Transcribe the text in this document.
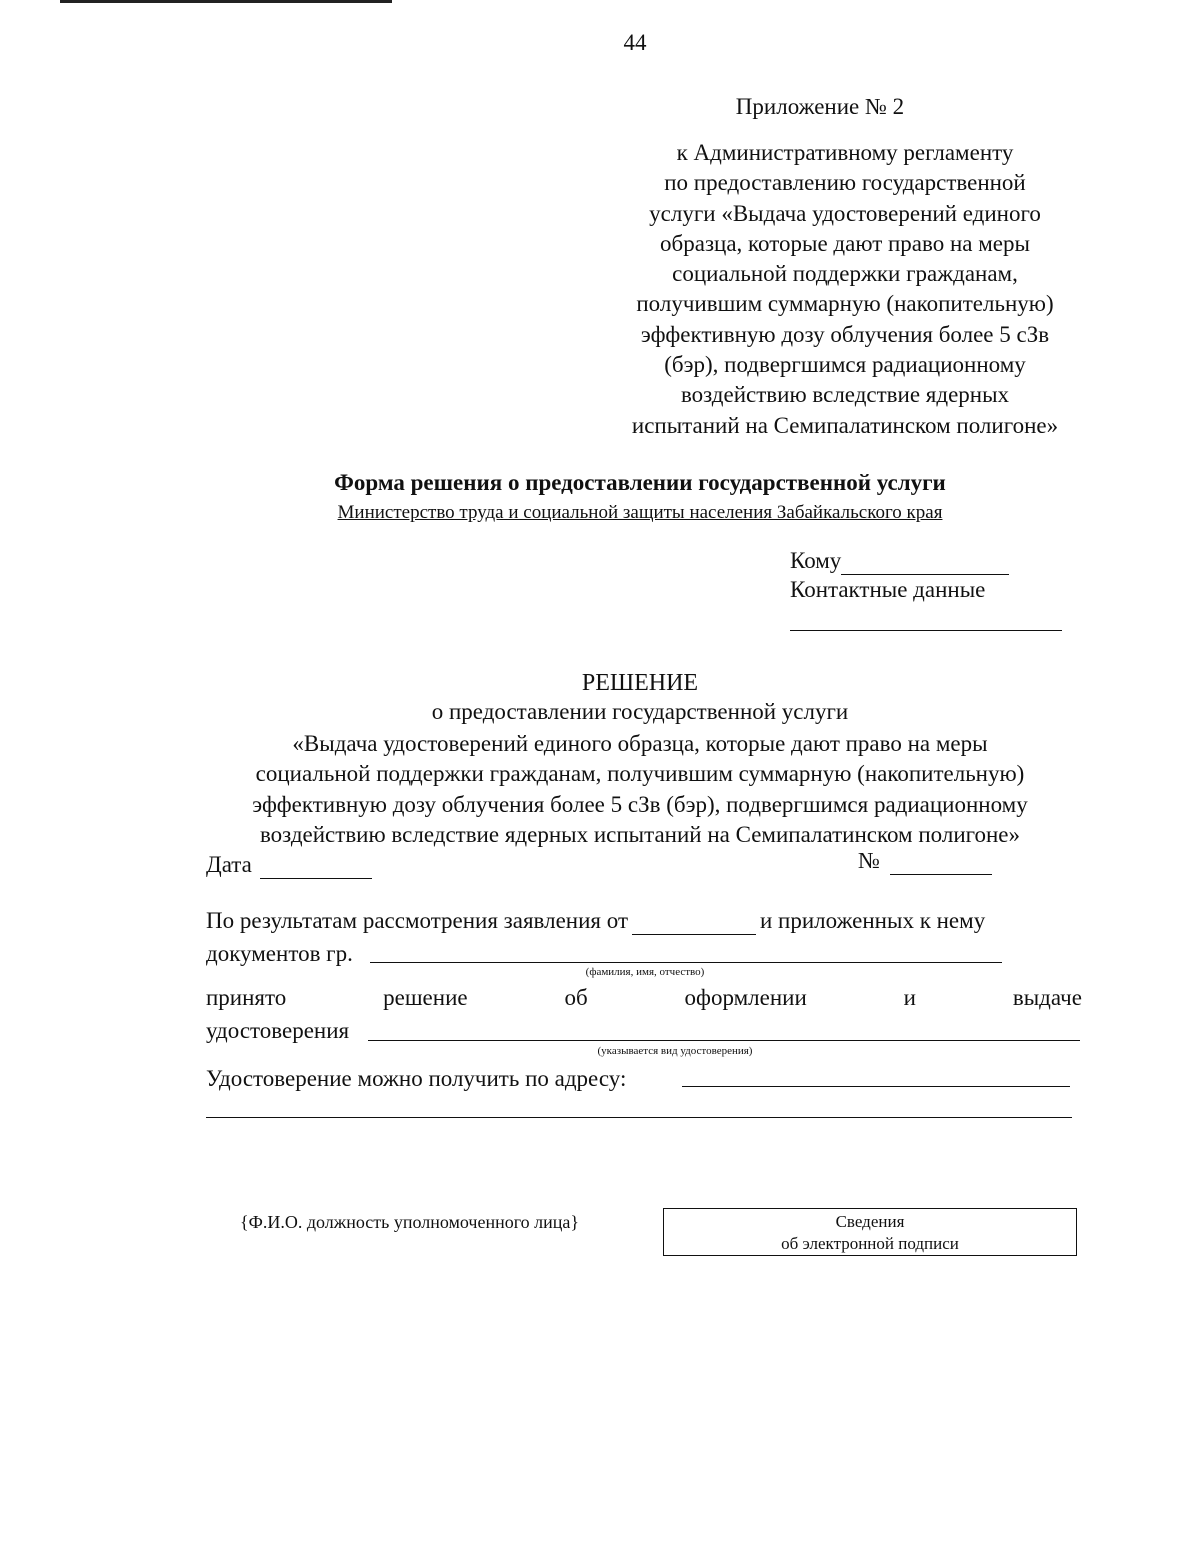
44
Приложение № 2
к Административному регламенту
по предоставлению государственной
услуги «Выдача удостоверений единого
образца, которые дают право на меры
социальной поддержки гражданам,
получившим суммарную (накопительную)
эффективную дозу облучения более 5 сЗв
(бэр), подвергшимся радиационному
воздействию вследствие ядерных
испытаний на Семипалатинском полигоне»
Форма решения о предоставлении государственной услуги
Министерство труда и социальной защиты населения Забайкальского края
Кому
Контактные данные
РЕШЕНИЕ
о предоставлении государственной услуги
«Выдача удостоверений единого образца, которые дают право на меры
социальной поддержки гражданам, получившим суммарную (накопительную)
эффективную дозу облучения более 5 сЗв (бэр), подвергшимся радиационному
воздействию вследствие ядерных испытаний на Семипалатинском полигоне»
Дата	№
По результатам рассмотрения заявления от	и приложенных к нему
документов гр.
(фамилия, имя, отчество)
принято	решение	об	оформлении	и	выдаче
удостоверения
(указывается вид удостоверения)
Удостоверение можно получить по адресу:
{Ф.И.О. должность уполномоченного лица}	Сведения
об электронной подписи
